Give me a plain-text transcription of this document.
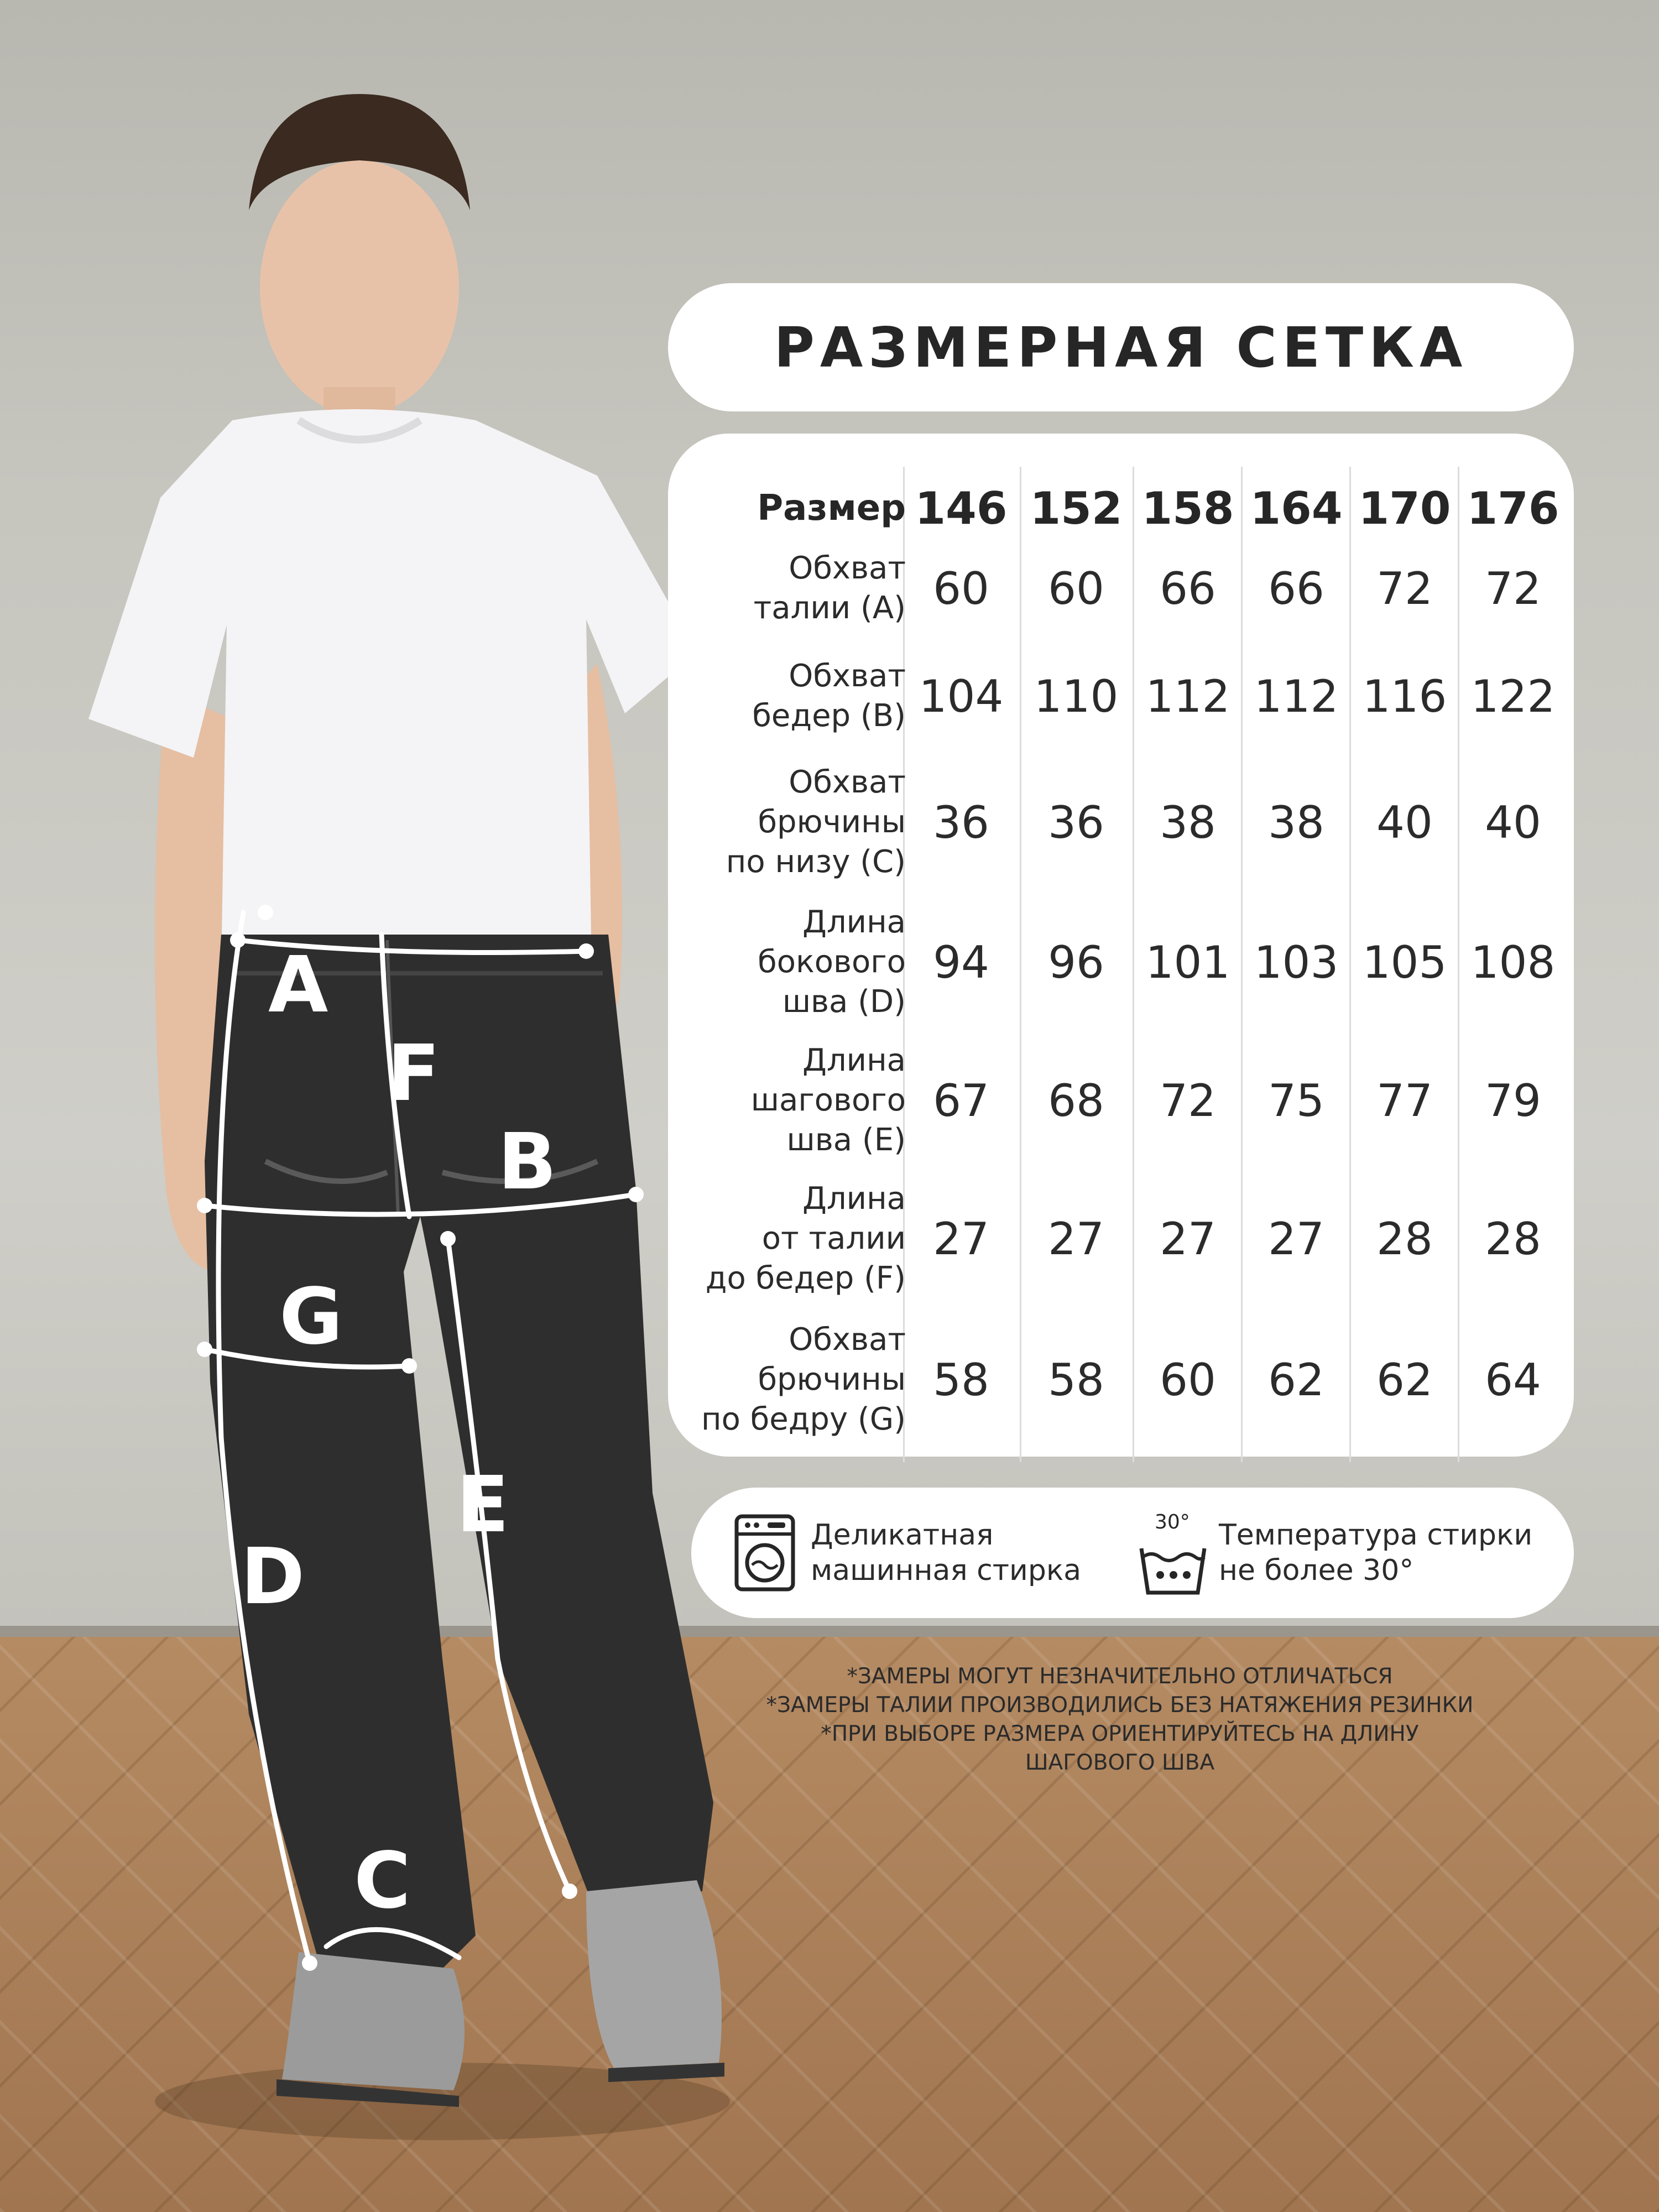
A
F
B
G
E
D
C
РАЗМЕРНАЯ СЕТКА
Размер 146 152 158 164 170 176
Обхват
талии (A) 60	60	66	66	72	72
Обхват
бедер (B) 104 110 112 112 116 122
Обхват
брючины
по низу (C)
36	36	38	38	40	40
Длина
бокового
шва (D)
94	96 101 103 105 108
Длина
шагового
шва (E)
67	68	72	75	77	79
Длина
от талии
до бедер (F)
27	27	27	27	28	28
Обхват
брючины
по бедру (G)
58	58	60	62	62	64
Деликатная
машинная стирка
30° Температура стирки
не более 30°
*ЗАМЕРЫ МОГУТ НЕЗНАЧИТЕЛЬНО ОТЛИЧАТЬСЯ
*ЗАМЕРЫ ТАЛИИ ПРОИЗВОДИЛИСЬ БЕЗ НАТЯЖЕНИЯ РЕЗИНКИ
*ПРИ ВЫБОРЕ РАЗМЕРА ОРИЕНТИРУЙТЕСЬ НА ДЛИНУ
ШАГОВОГО ШВА
